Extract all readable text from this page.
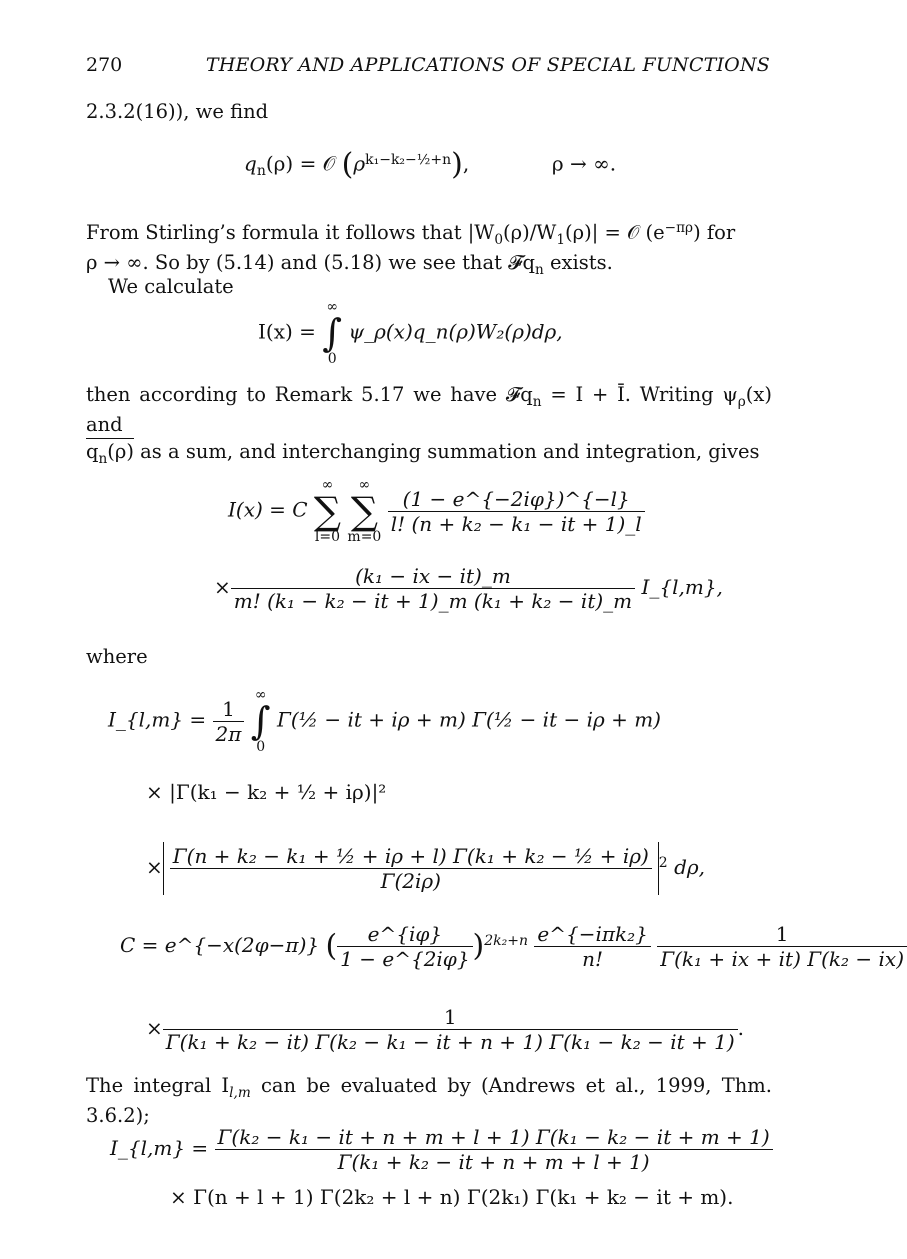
270	THEORY AND APPLICATIONS OF SPECIAL FUNCTIONS
2.3.2(16)), we find
$q_n(\rho)$ = 𝒪 $(\rho^{k_1-k_2-\frac{1}{2}+n})$,	ρ → ∞.
From Stirling’s formula it follows that $|W_0(\rho)/W_1(\rho)|$ = 𝒪 $(e^{-\pi\rho})$ for
ρ → ∞. So by (5.14) and (5.18) we see that 𝓕q$_n$ exists.
We calculate
I(x) =
∞
∫
0
ψ_ρ(x)q_n(ρ)W₂(ρ)dρ,
then according to Remark 5.17 we have 𝓕q$_n$ = I + Ī. Writing $\psi_\rho(x)$ and
$q_n(\rho)$ as a sum, and interchanging summation and integration, gives
I(x) = C
∞
∑
l=0

∞
∑
m=0

$\frac{(1 - e\^{}\{-2i\varphi\})\^{}\{-l\}}{\text{l! (n + k₂ − k₁ − it + 1)\_l}}$
× $\frac{\text{(k₁ − ix − it)\_m}}{\text{m! (k₁ − k₂ − it + 1)\_m (k₁ + k₂ − it)\_m}}$ I_{l,m},
where
I_{l,m} = $\frac{1}{2\pi}$

∞
∫
0
Γ(½ − it + iρ + m) Γ(½ − it − iρ + m)
× |Γ(k₁ − k₂ + ½ + iρ)|²
× $\frac{\text{Γ(n + k₂ − k₁ + ½ + iρ + l) Γ(k₁ + k₂ − ½ + iρ)}}{\Gamma(2i\rho)} ^2$ dρ,
C = e^{−x(2φ−π)} ( $\frac{e\^{}\{i\varphi\}}{1 - e\^{}\{2i\varphi\}} )^{2k_2+n} \frac{\text{e\textasciicircum{}\{−iπk₂\}}}{n!}$
$\frac{1}{\text{Γ(k₁ + ix + it) Γ(k₂ − ix)}}$
× $\frac{1}{\text{Γ(k₁ + k₂ − it) Γ(k₂ − k₁ − it + n + 1) Γ(k₁ − k₂ − it + 1)}}$ .
The integral $I_{l,m}$ can be evaluated by (Andrews et al., 1999, Thm. 3.6.2);
I_{l,m} = $\frac{\text{Γ(k₂ − k₁ − it + n + m + l + 1) Γ(k₁ − k₂ − it + m + 1)}}{\text{Γ(k₁ + k₂ − it + n + m + l + 1)}}$
× Γ(n + l + 1) Γ(2k₂ + l + n) Γ(2k₁) Γ(k₁ + k₂ − it + m).
